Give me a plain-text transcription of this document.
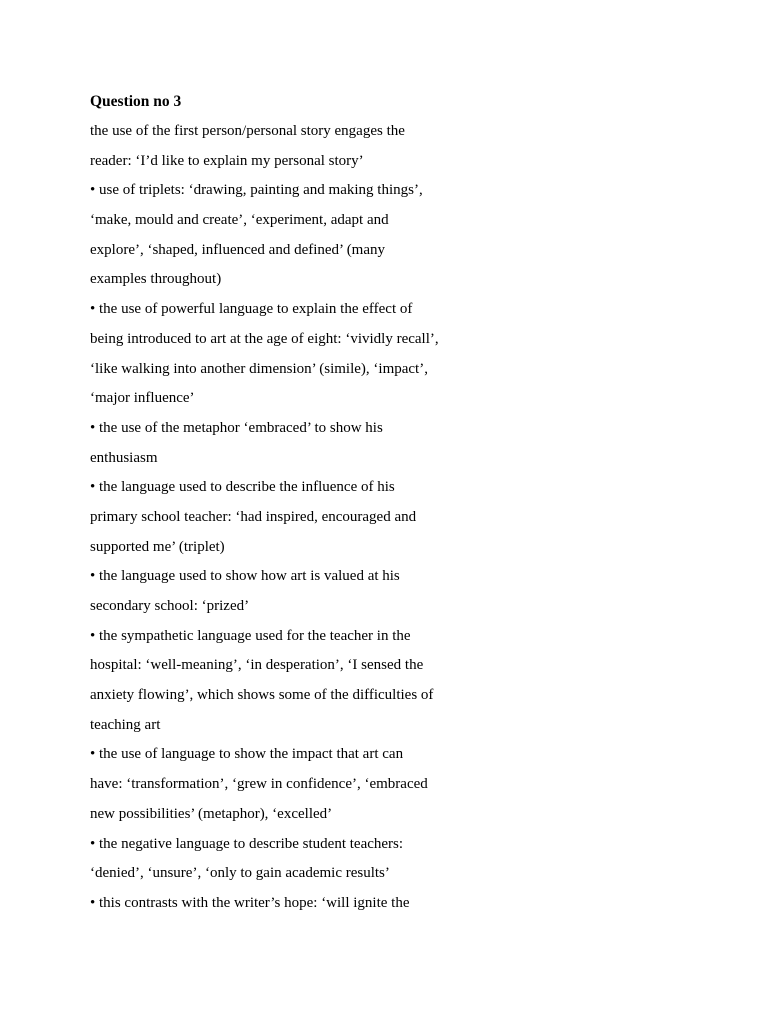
Question no 3
the use of the first person/personal story engages the
reader: ‘I’d like to explain my personal story’
• use of triplets: ‘drawing, painting and making things’,
‘make, mould and create’, ‘experiment, adapt and
explore’, ‘shaped, influenced and defined’ (many
examples throughout)
• the use of powerful language to explain the effect of
being introduced to art at the age of eight: ‘vividly recall’,
‘like walking into another dimension’ (simile), ‘impact’,
‘major influence’
• the use of the metaphor ‘embraced’ to show his
enthusiasm
• the language used to describe the influence of his
primary school teacher: ‘had inspired, encouraged and
supported me’ (triplet)
• the language used to show how art is valued at his
secondary school: ‘prized’
• the sympathetic language used for the teacher in the
hospital: ‘well-meaning’, ‘in desperation’, ‘I sensed the
anxiety flowing’, which shows some of the difficulties of
teaching art
• the use of language to show the impact that art can
have: ‘transformation’, ‘grew in confidence’, ‘embraced
new possibilities’ (metaphor), ‘excelled’
• the negative language to describe student teachers:
‘denied’, ‘unsure’, ‘only to gain academic results’
• this contrasts with the writer’s hope: ‘will ignite the
